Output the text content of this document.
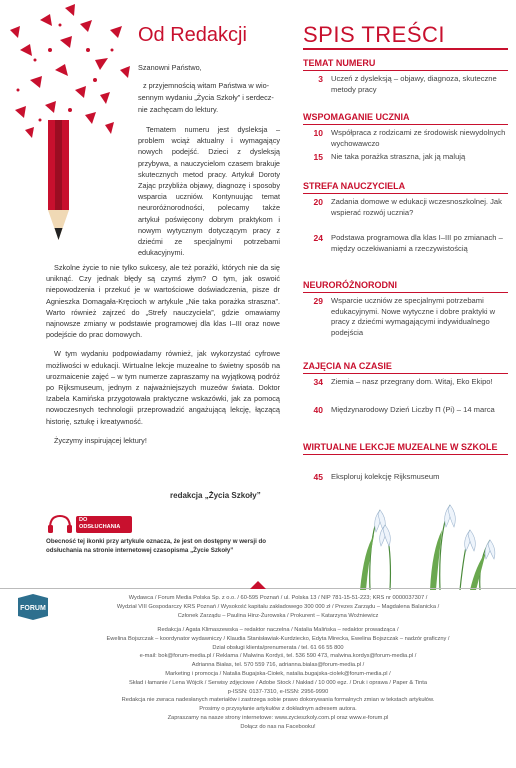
Od Redakcji
Szanowni Państwo,
z przyjemnością witam Państwa w wio-
sennym wydaniu „Życia Szkoły” i serdecz-
nie zachęcam do lektury.

Tematem numeru jest dysleksja – problem wciąż aktualny i wymagający nowych podejść. Dzieci z dysleksją przybywa, a nauczycielom czasem brakuje skutecznych metod pracy. Artykuł Doroty Zając przybliża objawy, diagnozę i sposoby wsparcia uczniów. Kontynuując temat neuroróżnorodności, polecamy także artykuł poświęcony dobrym praktykom i nowym wytycznym dotyczącym pracy z dziećmi ze specjalnymi potrzebami edukacyjnymi.

Szkolne życie to nie tylko sukcesy, ale też porażki, których nie da się uniknąć. Czy jednak błędy są czymś złym? O tym, jak oswoić niepowodzenia i przekuć je w wartościowe doświadczenia, pisze dr Agnieszka Domagała-Kręcioch w artykule „Nie taka porażka straszna”. Warto również zajrzeć do „Strefy nauczyciela”, gdzie omawiamy najnowsze zmiany w podstawie programowej dla klas I–III oraz nowe podejście do prac domowych.

W tym wydaniu podpowiadamy również, jak wykorzystać cyfrowe możliwości w edukacji. Wirtualne lekcje muzealne to świetny sposób na urozmaicenie zajęć – w tym numerze zapraszamy na wyjątkową podróż po Rijksmuseum, jednym z najważniejszych muzeów świata. Doktor Izabela Kamińska przygotowała praktyczne wskazówki, jak za pomocą nowoczesnych technologii przeprowadzić angażującą lekcję, łączącą historię, sztukę i kreatywność.

Życzymy inspirującej lektury!

redakcja „Życia Szkoły”
DO
ODSŁUCHANIA
Obecność tej ikonki przy artykule oznacza, że jest on dostępny w wersji do odsłuchania na stronie internetowej czasopisma „Życie Szkoły”
SPIS TREŚCI
TEMAT NUMERU
3 Uczeń z dysleksją – objawy, diagnoza, skuteczne metody pracy
WSPOMAGANIE UCZNIA
10 Współpraca z rodzicami ze środowisk niewydolnych wychowawczo
15 Nie taka porażka straszna, jak ją malują
STREFA NAUCZYCIELA
20 Zadania domowe w edukacji wczesnoszkolnej. Jak wspierać rozwój ucznia?
24 Podstawa programowa dla klas I–III po zmianach – między oczekiwaniami a rzeczywistością
NEURORÓŻNORODNI
29 Wsparcie uczniów ze specjalnymi potrzebami edukacyjnymi. Nowe wytyczne i dobre praktyki w pracy z dziećmi wymagającymi indywidualnego podejścia
ZAJĘCIA NA CZASIE
34 Ziemia – nasz przegrany dom. Witaj, Eko Ekipo!
40 Międzynarodowy Dzień Liczby Π (Pi) – 14 marca
WIRTUALNE LEKCJE MUZEALNE W SZKOLE
45 Eksploruj kolekcję Rijksmuseum
FORUM
Wydawca / Forum Media Polska Sp. z o.o. / 60-595 Poznań / ul. Polska 13 / NIP 781-15-51-223; KRS nr 0000037307 /
Wydział VIII Gospodarczy KRS Poznań / Wysokość kapitału zakładowego 300 000 zł / Prezes Zarządu – Magdalena Balanicka /
Członek Zarządu – Paulina Hinz-Żurowska / Prokurent – Katarzyna Woźniewicz
Redakcja / Agata Klimaszewska – redaktor naczelna / Natalia Malińska – redaktor prowadząca /
Ewelina Bojszczak – koordynator wydawniczy / Klaudia Stanisławiak-Kurdziecko, Edyta Mirecka, Ewelina Bojszczak – nadzór graficzny /
Dział obsługi klienta/prenumerata / tel. 61 66 55 800
e-mail: bok@forum-media.pl / Reklama / Malwina Kordyś, tel. 536 590 473, malwina.kordys@forum-media.pl /
Adrianna Białas, tel. 570 559 716, adrianna.bialas@forum-media.pl /
Marketing i promocja / Natalia Bugajska-Ciołek, natalia.bugajska-ciolek@forum-media.pl /
Skład i łamanie / Lena Wójcik / Serwisy zdjęciowe / Adobe Stock / Nakład / 10 000 egz. / Druk i oprawa / Paper & Tinta
p-ISSN: 0137-7310, e-ISSN: 2956-9990
Redakcja nie zwraca nadesłanych materiałów i zastrzega sobie prawo dokonywania formalnych zmian w tekstach artykułów.
Prosimy o przysyłanie artykułów z dokładnym adresem autora.
Zapraszamy na nasze strony internetowe: www.zycieszkoly.com.pl oraz www.e-forum.pl
Dołącz do nas na Facebooku!
